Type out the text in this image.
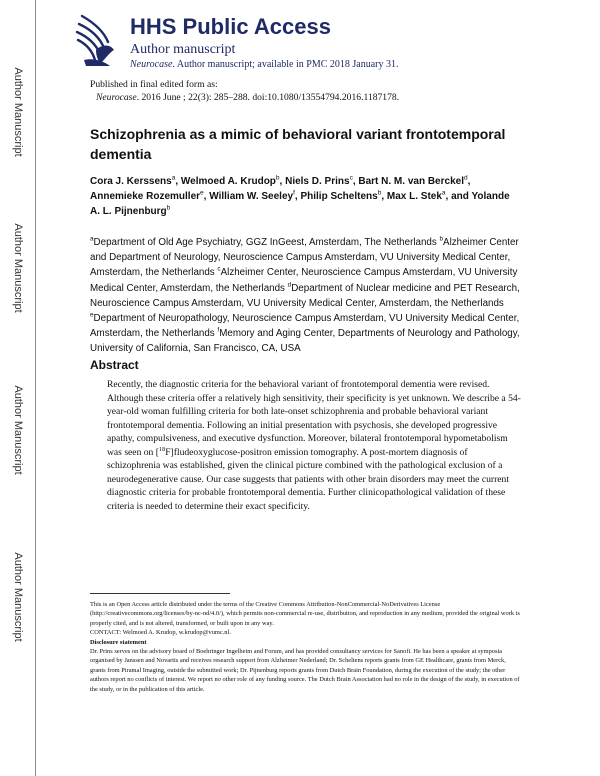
Author Manuscript
Author Manuscript
Author Manuscript
Author Manuscript
HHS Public Access
Author manuscript
Neurocase. Author manuscript; available in PMC 2018 January 31.
Published in final edited form as:
Neurocase. 2016 June ; 22(3): 285–288. doi:10.1080/13554794.2016.1187178.
Schizophrenia as a mimic of behavioral variant frontotemporal dementia
Cora J. Kerssens$^a$, Welmoed A. Krudop$^b$, Niels D. Prins$^c$, Bart N. M. van Berckel$^d$, Annemieke Rozemuller$^e$, William W. Seeley$^f$, Philip Scheltens$^b$, Max L. Stek$^a$, and Yolande A. L. Pijnenburg$^b$
$^a$Department of Old Age Psychiatry, GGZ InGeest, Amsterdam, The Netherlands $^b$Alzheimer Center and Department of Neurology, Neuroscience Campus Amsterdam, VU University Medical Center, Amsterdam, the Netherlands $^c$Alzheimer Center, Neuroscience Campus Amsterdam, VU University Medical Center, Amsterdam, the Netherlands $^d$Department of Nuclear medicine and PET Research, Neuroscience Campus Amsterdam, VU University Medical Center, Amsterdam, the Netherlands $^e$Department of Neuropathology, Neuroscience Campus Amsterdam, VU University Medical Center, Amsterdam, the Netherlands $^f$Memory and Aging Center, Departments of Neurology and Pathology, University of California, San Francisco, CA, USA
Abstract
Recently, the diagnostic criteria for the behavioral variant of frontotemporal dementia were revised. Although these criteria offer a relatively high sensitivity, their specificity is yet unknown. We describe a 54-year-old woman fulfilling criteria for both late-onset schizophrenia and probable behavioral variant frontotemporal dementia. Following an initial presentation with psychosis, she developed progressive apathy, compulsiveness, and executive dysfunction. Moreover, bilateral frontotemporal hypometabolism was seen on [$^{18}$F]fludeoxyglucose-positron emission tomography. A post-mortem diagnosis of schizophrenia was established, given the clinical picture combined with the pathological exclusion of a neurodegenerative cause. Our case suggests that patients with other brain disorders may meet the current diagnostic criteria for probable frontotemporal dementia. Further clinicopathological validation of these criteria is needed to determine their exact specificity.
This is an Open Access article distributed under the terms of the Creative Commons Attribution-NonCommercial-NoDerivatives License (http://creativecommons.org/licenses/by-nc-nd/4.0/), which permits non-commercial re-use, distribution, and reproduction in any medium, provided the original work is properly cited, and is not altered, transformed, or built upon in any way.
CONTACT: Welmoed A. Krudop, w.krudop@vumc.nl.
Disclosure statement
Dr. Prins serves on the advisory board of Boehringer Ingelheim and Forum, and has provided consultancy services for Sanofi. He has been a speaker at symposia organised by Janssen and Novartis and receives research support from Alzheimer Nederland; Dr. Scheltens reports grants from GE Healthcare, grants from Merck, grants from Piramal Imaging, outside the submitted work; Dr. Pijnenburg reports grants from Dutch Brain Foundation, during the execution of the study; the other authors report no conflicts of interest. We report no other role of any funding source. The Dutch Brain Association had no role in the design of the study, in execution of the study, or in the publication of this article.
